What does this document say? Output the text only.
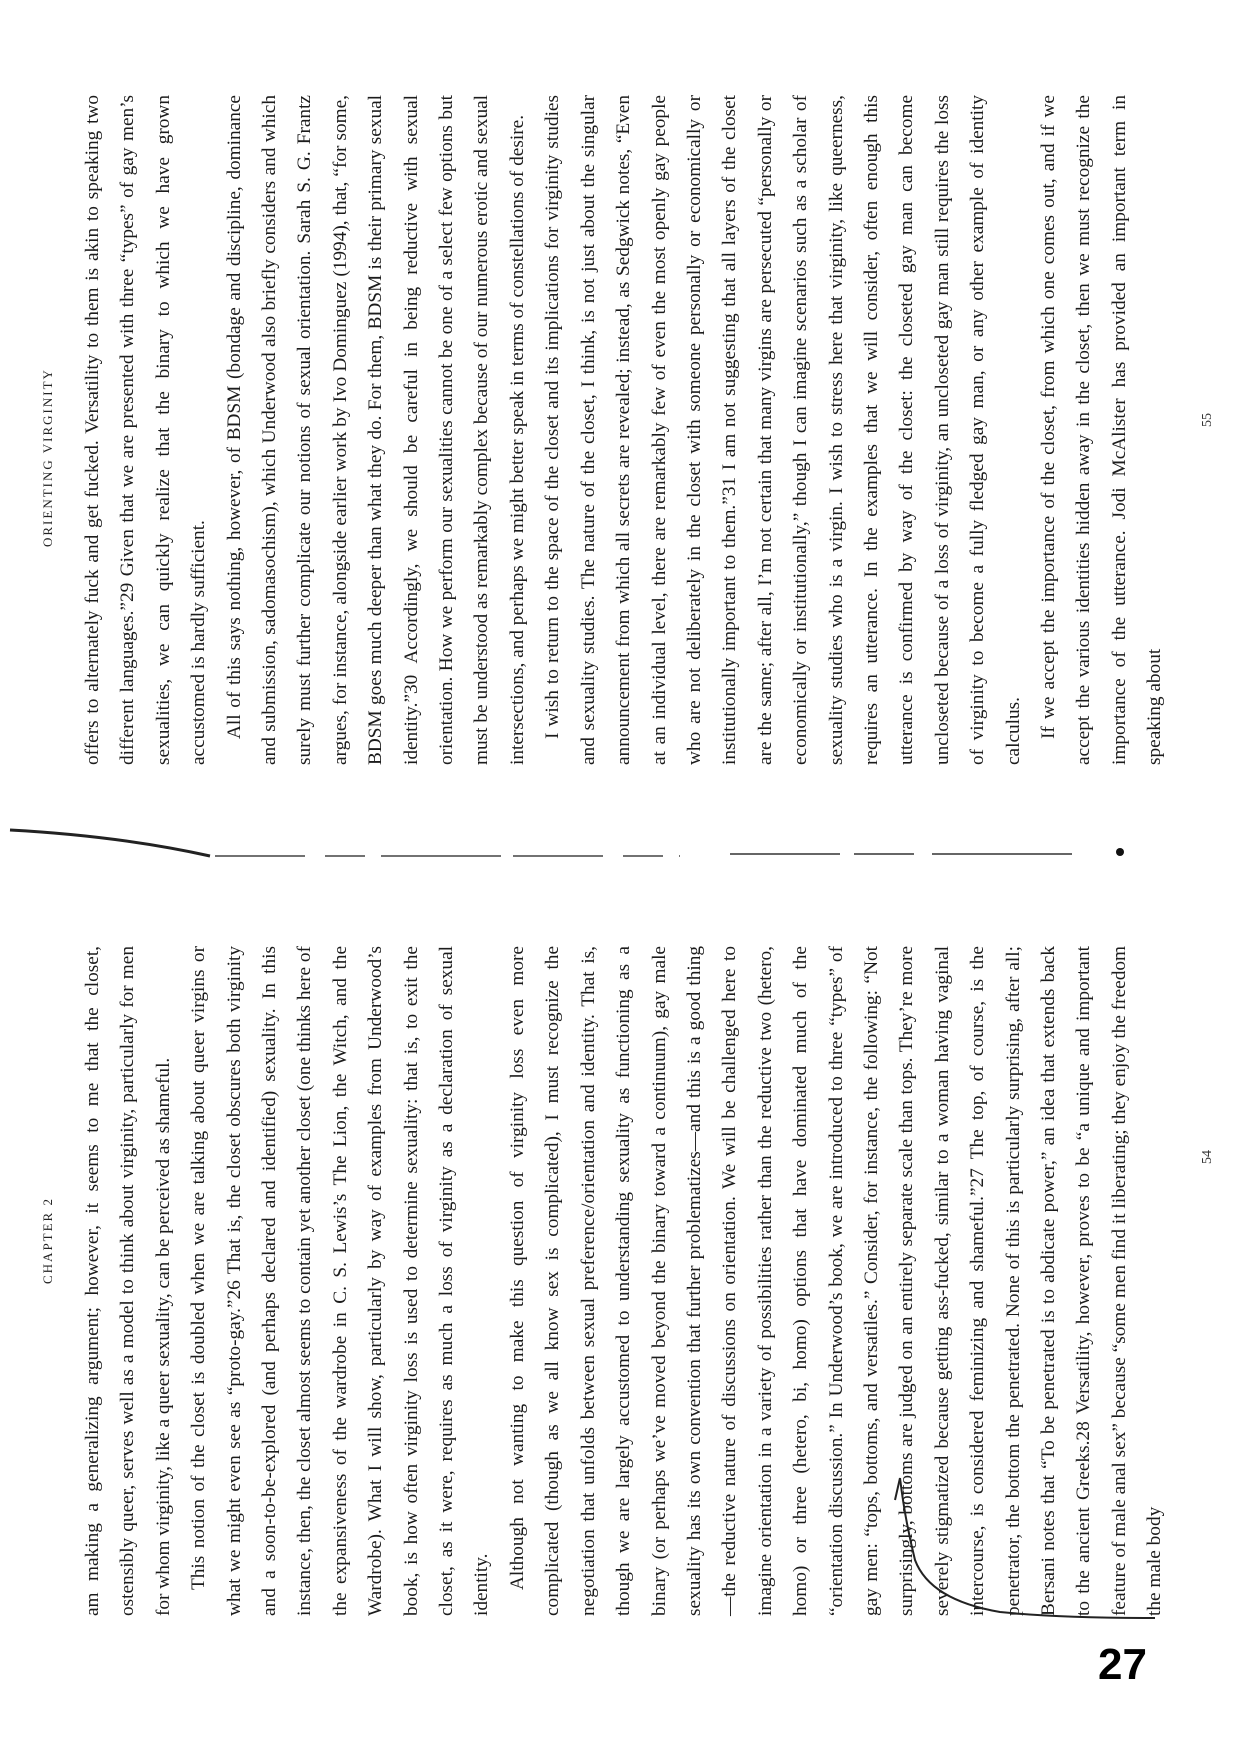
CHAPTER 2	am making a generalizing argument; however, it seems to me that the closet, ostensibly queer, serves well as a model to think about virginity, particularly for men for whom virginity, like a queer sexuality, can be perceived as shameful. This notion of the closet is doubled when we are talking about queer virgins or what we might even see as “proto-gay.”26 That is, the closet obscures both virginity and a soon-to-be-explored (and perhaps declared and identified) sexuality. In this instance, then, the closet almost seems to contain yet another closet (one thinks here of the expansiveness of the wardrobe in C. S. Lewis’s The Lion, the Witch, and the Wardrobe). What I will show, particularly by way of examples from Underwood’s book, is how often virginity loss is used to determine sexuality: that is, to exit the closet, as it were, requires as much a loss of virginity as a declaration of sexual identity. Although not wanting to make this question of virginity loss even more complicated (though as we all know sex is complicated), I must recognize the negotiation that unfolds between sexual preference/orientation and identity. That is, though we are largely accustomed to understanding sexuality as functioning as a binary (or perhaps we’ve moved beyond the binary toward a continuum), gay male sexuality has its own convention that further problematizes—and this is a good thing—the reductive nature of discussions on orientation. We will be challenged here to imagine orientation in a variety of possibilities rather than the reductive two (hetero, homo) or three (hetero, bi, homo) options that have dominated much of the “orientation discussion.” In Underwood’s book, we are introduced to three “types” of gay men: “tops, bottoms, and versatiles.” Consider, for instance, the following: “Not surprisingly, bottoms are judged on an entirely separate scale than tops. They’re more severely stigmatized because getting ass-fucked, similar to a woman having vaginal intercourse, is considered feminizing and shameful.”27 The top, of course, is the penetrator, the bottom the penetrated. None of this is particularly surprising, after all; Bersani notes that “To be penetrated is to abdicate power,” an idea that extends back to the ancient Greeks.28 Versatility, however, proves to be “a unique and important feature of male anal sex” because “some men find it liberating; they enjoy the freedom the male body

54
ORIENTING VIRGINITY	offers to alternately fuck and get fucked. Versatility to them is akin to speaking two different languages.”29 Given that we are presented with three “types” of gay men’s sexualities, we can quickly realize that the binary to which we have grown accustomed is hardly sufficient. All of this says nothing, however, of BDSM (bondage and discipline, dominance and submission, sadomasochism), which Underwood also briefly considers and which surely must further complicate our notions of sexual orientation. Sarah S. G. Frantz argues, for instance, alongside earlier work by Ivo Dominguez (1994), that, “for some, BDSM goes much deeper than what they do. For them, BDSM is their primary sexual identity.”30 Accordingly, we should be careful in being reductive with sexual orientation. How we perform our sexualities cannot be one of a select few options but must be understood as remarkably complex because of our numerous erotic and sexual intersections, and perhaps we might better speak in terms of constellations of desire. I wish to return to the space of the closet and its implications for virginity studies and sexuality studies. The nature of the closet, I think, is not just about the singular announcement from which all secrets are revealed; instead, as Sedgwick notes, “Even at an individual level, there are remarkably few of even the most openly gay people who are not deliberately in the closet with someone personally or economically or institutionally important to them.”31 I am not suggesting that all layers of the closet are the same; after all, I’m not certain that many virgins are persecuted “personally or economically or institutionally,” though I can imagine scenarios such as a scholar of sexuality studies who is a virgin. I wish to stress here that virginity, like queerness, requires an utterance. In the examples that we will consider, often enough this utterance is confirmed by way of the closet: the closeted gay man can become uncloseted because of a loss of virginity, an uncloseted gay man still requires the loss of virginity to become a fully fledged gay man, or any other example of identity calculus. If we accept the importance of the closet, from which one comes out, and if we accept the various identities hidden away in the closet, then we must recognize the importance of the utterance. Jodi McAlister has provided an important term in speaking about

55
27
